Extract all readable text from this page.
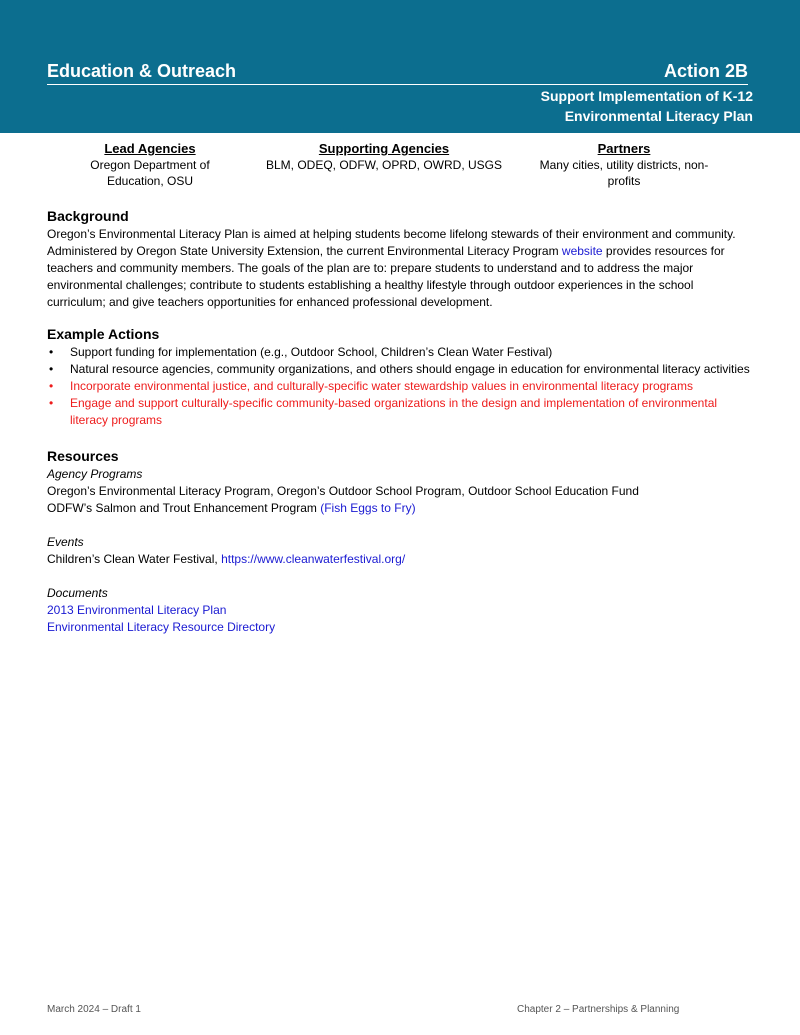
Education & Outreach	Action 2B
Support Implementation of K-12
Environmental Literacy Plan
Lead Agencies
Oregon Department of
Education, OSU
Supporting Agencies
BLM, ODEQ, ODFW, OPRD, OWRD, USGS
Partners
Many cities, utility districts, non-
profits
Background

Oregon’s Environmental Literacy Plan is aimed at helping students become lifelong stewards of their environment and community. Administered by Oregon State University Extension, the current Environmental Literacy Program website provides resources for teachers and community members. The goals of the plan are to: prepare students to understand and to address the major environmental challenges; contribute to students establishing a healthy lifestyle through outdoor experiences in the school curriculum; and give teachers opportunities for enhanced professional development.

Example Actions
• Support funding for implementation (e.g., Outdoor School, Children’s Clean Water Festival)
• Natural resource agencies, community organizations, and others should engage in education for environmental literacy activities
• Incorporate environmental justice, and culturally-specific water stewardship values in environmental literacy programs
• Engage and support culturally-specific community-based organizations in the design and implementation of environmental literacy programs
Resources
Agency Programs

Oregon’s Environmental Literacy Program, Oregon’s Outdoor School Program, Outdoor School Education Fund

ODFW’s Salmon and Trout Enhancement Program (Fish Eggs to Fry)

Events

Children’s Clean Water Festival, https://www.cleanwaterfestival.org/

Documents

2013 Environmental Literacy Plan

Environmental Literacy Resource Directory

March 2024 – Draft 1	Chapter 2 – Partnerships & Planning
